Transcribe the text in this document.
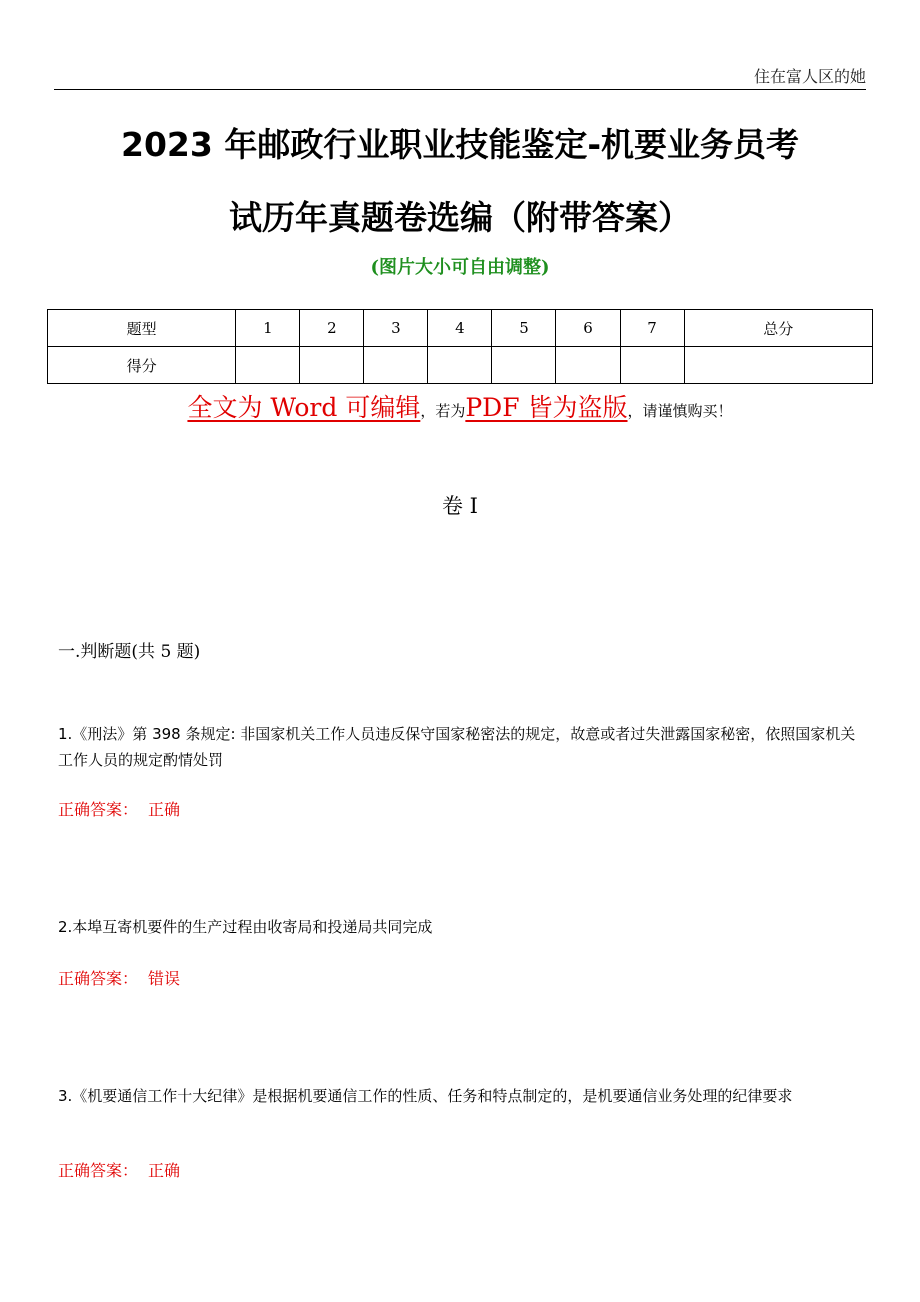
住在富人区的她
2023 年邮政行业职业技能鉴定-机要业务员考
试历年真题卷选编（附带答案）
(图片大小可自由调整)
题型	1	2	3	4	5	6	7	总分
得分								
全文为 Word 可编辑，若为PDF 皆为盗版，请谨慎购买！
卷 I
一.判断题(共 5 题)
1.《刑法》第 398 条规定: 非国家机关工作人员违反保守国家秘密法的规定，故意或者过失泄露国家秘密，依照国家机关工作人员的规定酌情处罚
正确答案： 正确
2.本埠互寄机要件的生产过程由收寄局和投递局共同完成
正确答案： 错误
3.《机要通信工作十大纪律》是根据机要通信工作的性质、任务和特点制定的，是机要通信业务处理的纪律要求
正确答案： 正确
